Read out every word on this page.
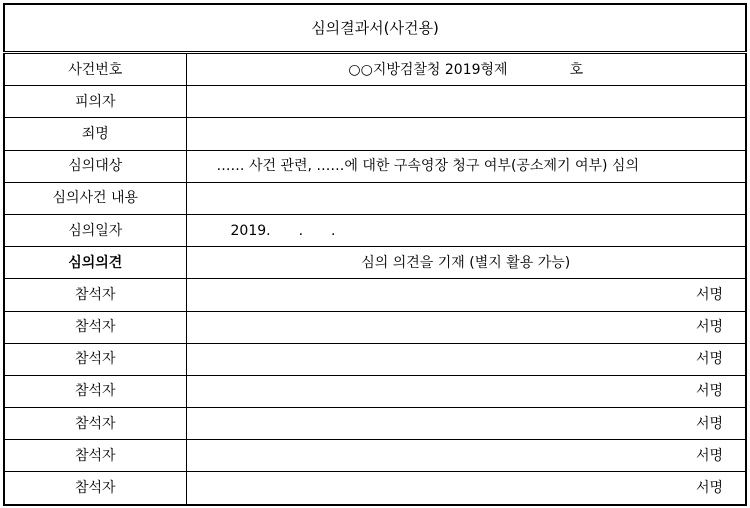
심의결과서(사건용)	
사건번호	○○지방검찰청 2019형제 호
피의자	
죄명	
심의대상	…… 사건 관련, ……에 대한 구속영장 청구 여부(공소제기 여부) 심의
심의사건 내용	
심의일자	2019. . .
심의의견	심의 의견을 기재 (별지 활용 가능)
참석자	서명
참석자	서명
참석자	서명
참석자	서명
참석자	서명
참석자	서명
참석자	서명
